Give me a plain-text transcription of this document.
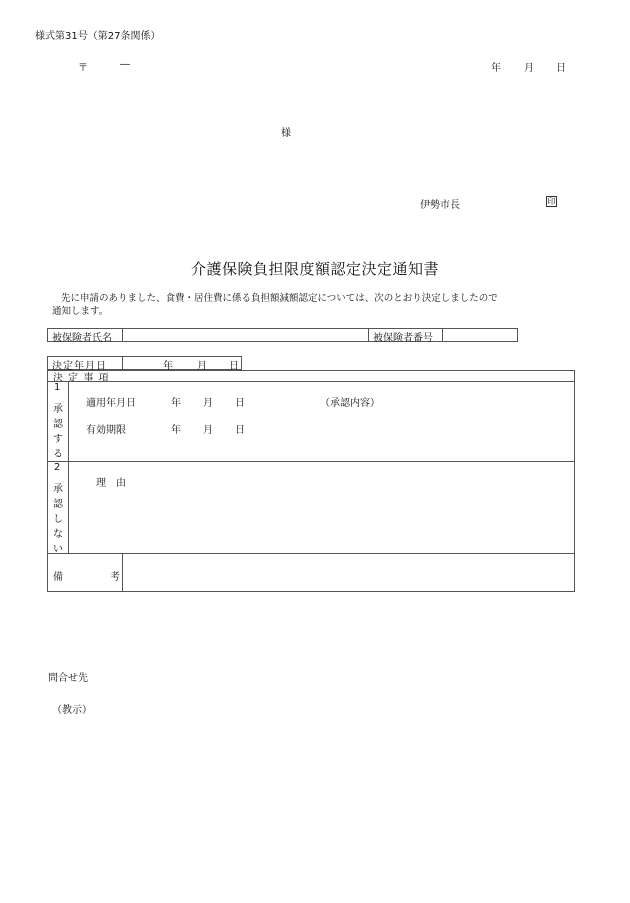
様式第31号（第27条関係）
〒	―	年 月 日
様
伊勢市長	印
介護保険負担限度額認定決定通知書
先に申請のありました、食費・居住費に係る負担額減額認定については、次のとおり決定しましたので
通知します。
被保険者氏名	被保険者番号
決定年月日	年 月 日
決 定 事 項
1
承
認
す
る
適用年月日	年 月 日	（承認内容）
有効期限	年 月 日
2
承
認
し
な
い
理　由
備	考
問合せ先
（教示）
